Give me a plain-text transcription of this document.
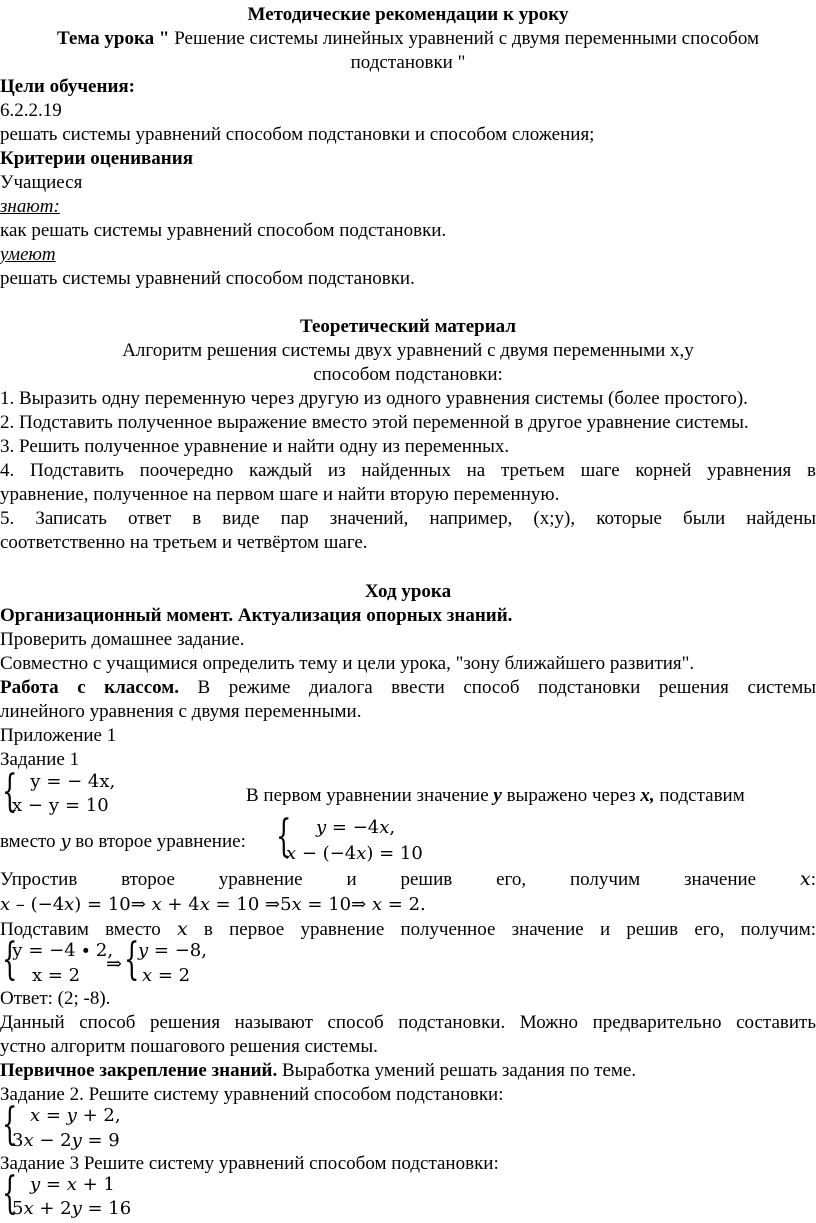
Методические рекомендации к уроку
Тема урока " Решение системы линейных уравнений с двумя переменными способом
подстановки "
Цели обучения:
6.2.2.19
решать системы уравнений способом подстановки и способом сложения;
Критерии оценивания
Учащиеся
знают:
как решать системы уравнений способом подстановки.
умеют
решать системы уравнений способом подстановки.
Теоретический материал
Алгоритм решения системы двух уравнений с двумя переменными х,у
способом подстановки:
1. Выразить одну переменную через другую из одного уравнения системы (более простого).
2. Подставить полученное выражение вместо этой переменной в другое уравнение системы.
3. Решить полученное уравнение и найти одну из переменных.
4. Подставить поочередно каждый из найденных на третьем шаге корней уравнения в
уравнение, полученное на первом шаге и найти вторую переменную.
5. Записать ответ в виде пар значений, например, (х;у), которые были найдены
соответственно на третьем и четвёртом шаге.
Ход урока
Организационный момент. Актуализация опорных знаний.
Проверить домашнее задание.
Совместно с учащимися определить тему и цели урока, "зону ближайшего развития".
Работа с классом. В режиме диалога ввести способ подстановки решения системы
линейного уравнения с двумя переменными.
Приложение 1
Задание 1
{ у = − 4х,
х − у = 10	В первом уравнении значение у выражено через х, подставим
вместо 𝑦 во второе уравнение: { 𝑦 = −4𝑥,
𝑥 − (−4𝑥) = 10
Упростив второе уравнение и решив его, получим значение 𝑥:
𝑥 – (−4𝑥) = 10⇒ 𝑥 + 4𝑥 = 10 ⇒5𝑥 = 10⇒ 𝑥 = 2.
Подставим вместо 𝑥 в первое уравнение полученное значение и решив его, получим:
{
у = −4 ∙ 2,
х = 2
⇒ {
𝑦 = −8,
𝑥 = 2
Ответ: (2; -8).
Данный способ решения называют способ подстановки. Можно предварительно составить
устно алгоритм пошагового решения системы.
Первичное закрепление знаний. Выработка умений решать задания по теме.
Задание 2. Решите систему уравнений способом подстановки:
{ 𝑥 = 𝑦 + 2,
3𝑥 − 2𝑦 = 9
Задание 3 Решите систему уравнений способом подстановки:
{ 𝑦 = 𝑥 + 1
5𝑥 + 2𝑦 = 16
